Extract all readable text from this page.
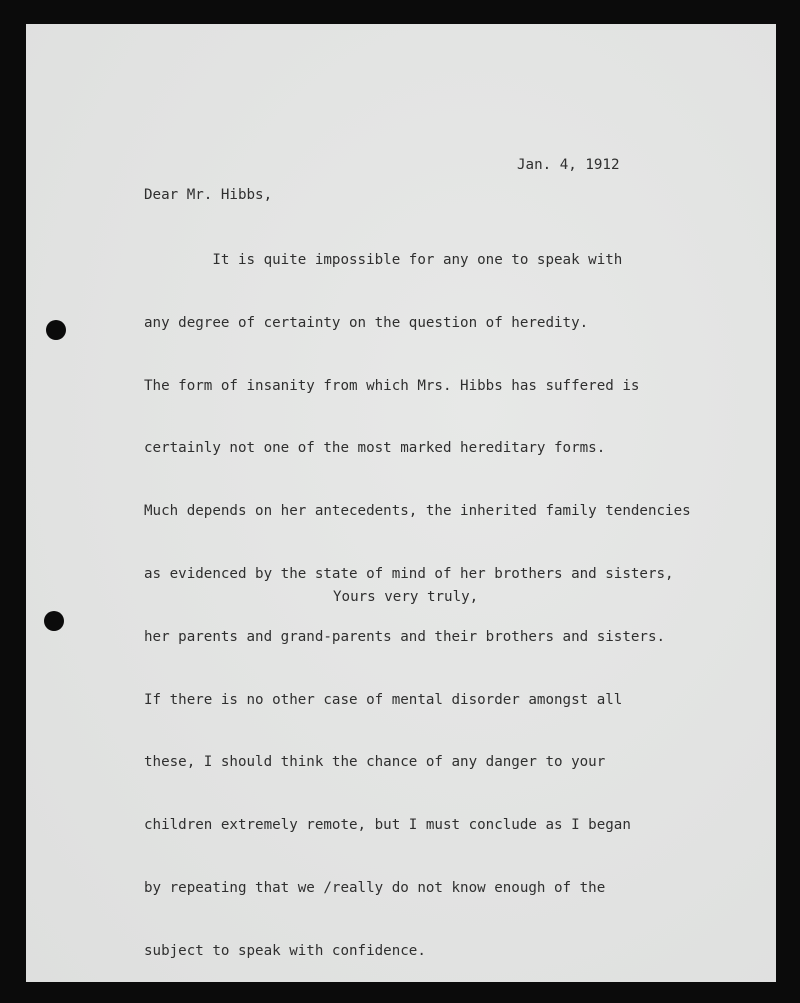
Jan. 4, 1912
Dear Mr. Hibbs,

It is quite impossible for any one to speak with

any degree of certainty on the question of heredity.

The form of insanity from which Mrs. Hibbs has suffered is

certainly not one of the most marked hereditary forms.

Much depends on her antecedents, the inherited family tendencies

as evidenced by the state of mind of her brothers and sisters,

her parents and grand-parents and their brothers and sisters.

If there is no other case of mental disorder amongst all

these, I should think the chance of any danger to your

children extremely remote, but I must conclude as I began

by repeating that we /really do not know enough of the

subject to speak with confidence.

Yours very truly,
